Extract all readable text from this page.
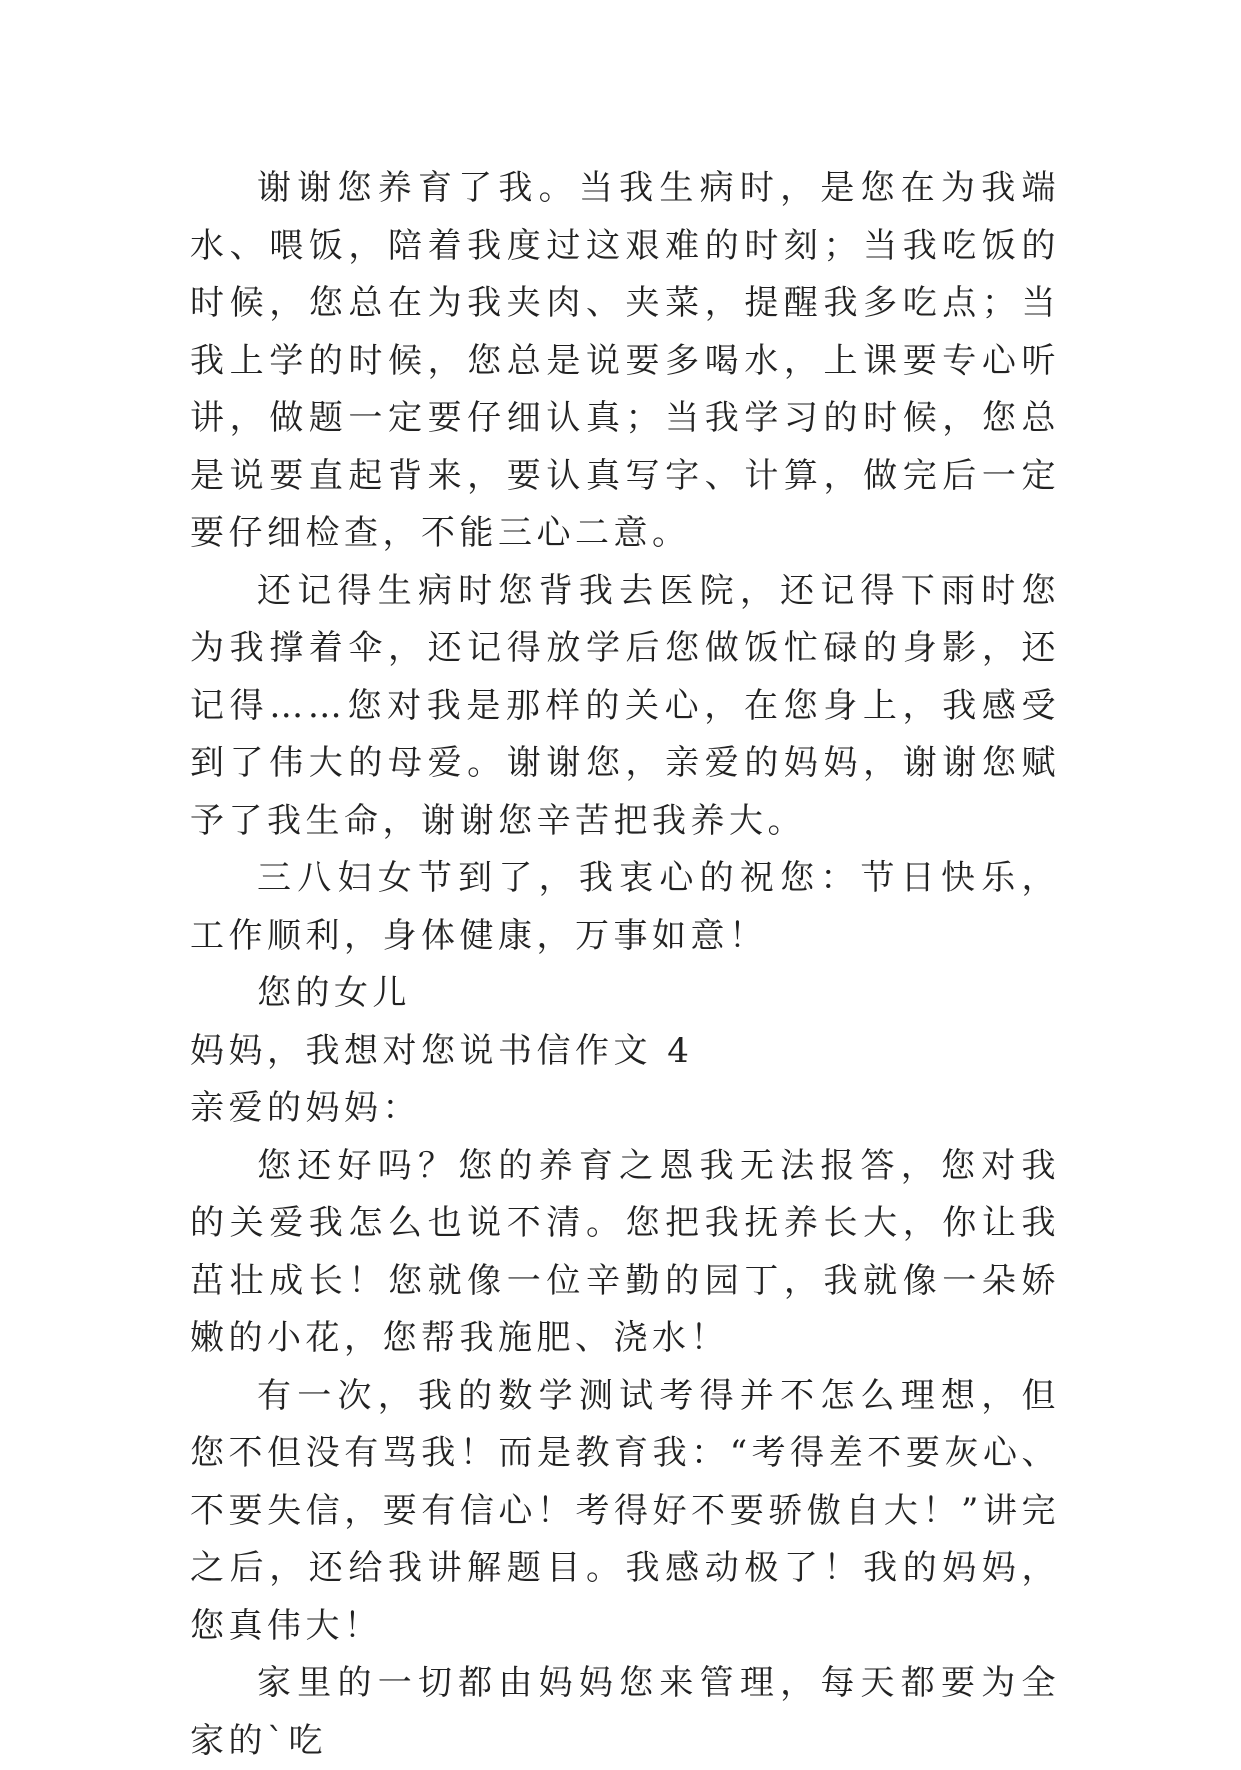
谢谢您养育了我。当我生病时，是您在为我端水、喂饭，陪着我度过这艰难的时刻；当我吃饭的时候，您总在为我夹肉、夹菜，提醒我多吃点；当我上学的时候，您总是说要多喝水，上课要专心听讲，做题一定要仔细认真；当我学习的时候，您总是说要直起背来，要认真写字、计算，做完后一定要仔细检查，不能三心二意。

还记得生病时您背我去医院，还记得下雨时您为我撑着伞，还记得放学后您做饭忙碌的身影，还记得……您对我是那样的关心，在您身上，我感受到了伟大的母爱。谢谢您，亲爱的妈妈，谢谢您赋予了我生命，谢谢您辛苦把我养大。

三八妇女节到了，我衷心的祝您：节日快乐，工作顺利，身体健康，万事如意！

您的女儿

妈妈，我想对您说书信作文 4

亲爱的妈妈：

您还好吗？您的养育之恩我无法报答，您对我的关爱我怎么也说不清。您把我抚养长大，你让我茁壮成长！您就像一位辛勤的园丁，我就像一朵娇嫩的小花，您帮我施肥、浇水！

有一次，我的数学测试考得并不怎么理想，但您不但没有骂我！而是教育我：“考得差不要灰心、不要失信，要有信心！考得好不要骄傲自大！”讲完之后，还给我讲解题目。我感动极了！我的妈妈，您真伟大！

家里的一切都由妈妈您来管理，每天都要为全家的`吃
